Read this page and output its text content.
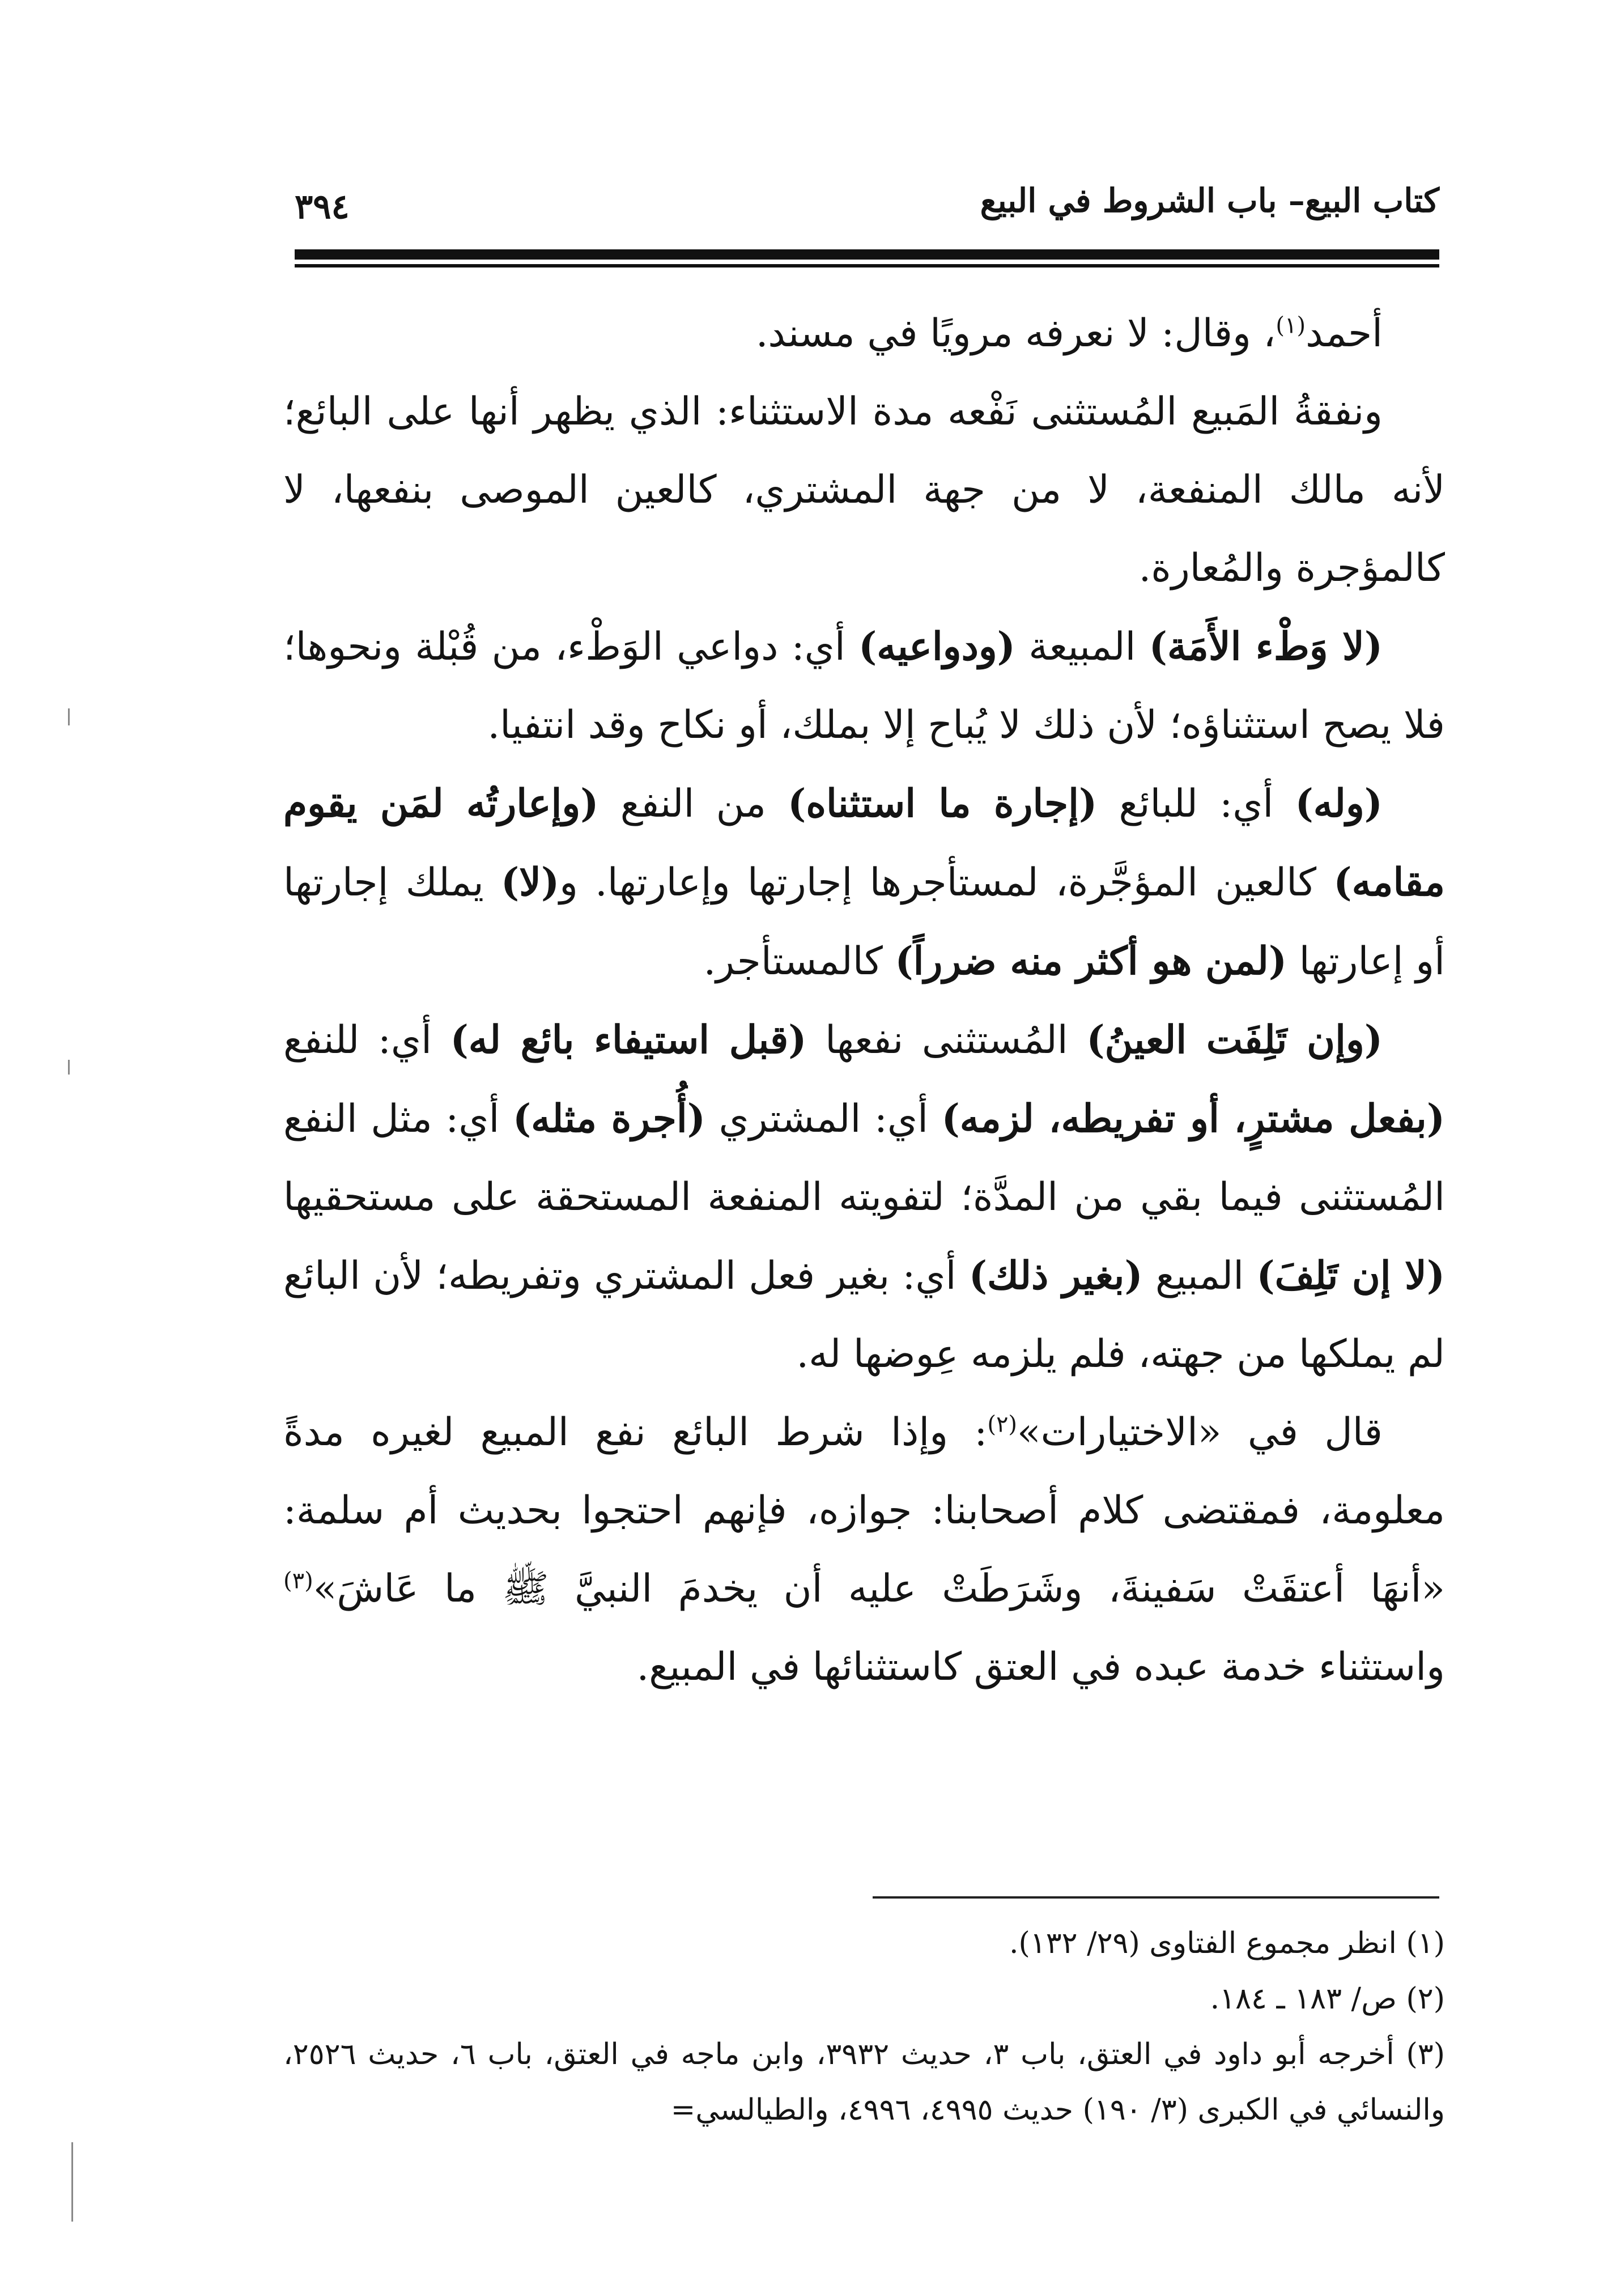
كتاب البيع– باب الشروط في البيع
٣٩٤

أحمد$^{(١)}$، وقال: لا نعرفه مرويًا في مسند.

ونفقةُ المَبيع المُستثنى نَفْعه مدة الاستثناء: الذي يظهر أنها على البائع؛ لأنه مالك المنفعة، لا من جهة المشتري، كالعين الموصى بنفعها، لا كالمؤجرة والمُعارة.

(لا وَطْء الأَمَة) المبيعة (ودواعيه) أي: دواعي الوَطْء، من قُبْلة ونحوها؛ فلا يصح استثناؤه؛ لأن ذلك لا يُباح إلا بملك، أو نكاح وقد انتفيا.

(وله) أي: للبائع (إجارة ما استثناه) من النفع (وإعارتُه لمَن يقوم مقامه) كالعين المؤجَّرة، لمستأجرها إجارتها وإعارتها. و(لا) يملك إجارتها أو إعارتها (لمن هو أكثر منه ضرراً) كالمستأجر.

(وإن تَلِفَت العينُ) المُستثنى نفعها (قبل استيفاء بائع له) أي: للنفع (بفعل مشترٍ، أو تفريطه، لزمه) أي: المشتري (أُجرة مثله) أي: مثل النفع المُستثنى فيما بقي من المدَّة؛ لتفويته المنفعة المستحقة على مستحقيها (لا إن تَلِفَ) المبيع (بغير ذلك) أي: بغير فعل المشتري وتفريطه؛ لأن البائع لم يملكها من جهته، فلم يلزمه عِوضها له.

قال في «الاختيارات»$^{(٢)}$: وإذا شرط البائع نفع المبيع لغيره مدةً معلومة، فمقتضى كلام أصحابنا: جوازه، فإنهم احتجوا بحديث أم سلمة: «أنهَا أعتقَتْ سَفينةَ، وشَرَطَتْ عليه أن يخدمَ النبيَّ ﷺ ما عَاشَ»$^{(٣)}$ واستثناء خدمة عبده في العتق كاستثنائها في المبيع.

(١) انظر مجموع الفتاوى (٢٩/ ١٣٢).

(٢) ص/ ١٨٣ ـ ١٨٤.

(٣) أخرجه أبو داود في العتق، باب ٣، حديث ٣٩٣٢، وابن ماجه في العتق، باب ٦، حديث ٢٥٢٦، والنسائي في الكبرى (٣/ ١٩٠) حديث ٤٩٩٥، ٤٩٩٦، والطيالسي=
